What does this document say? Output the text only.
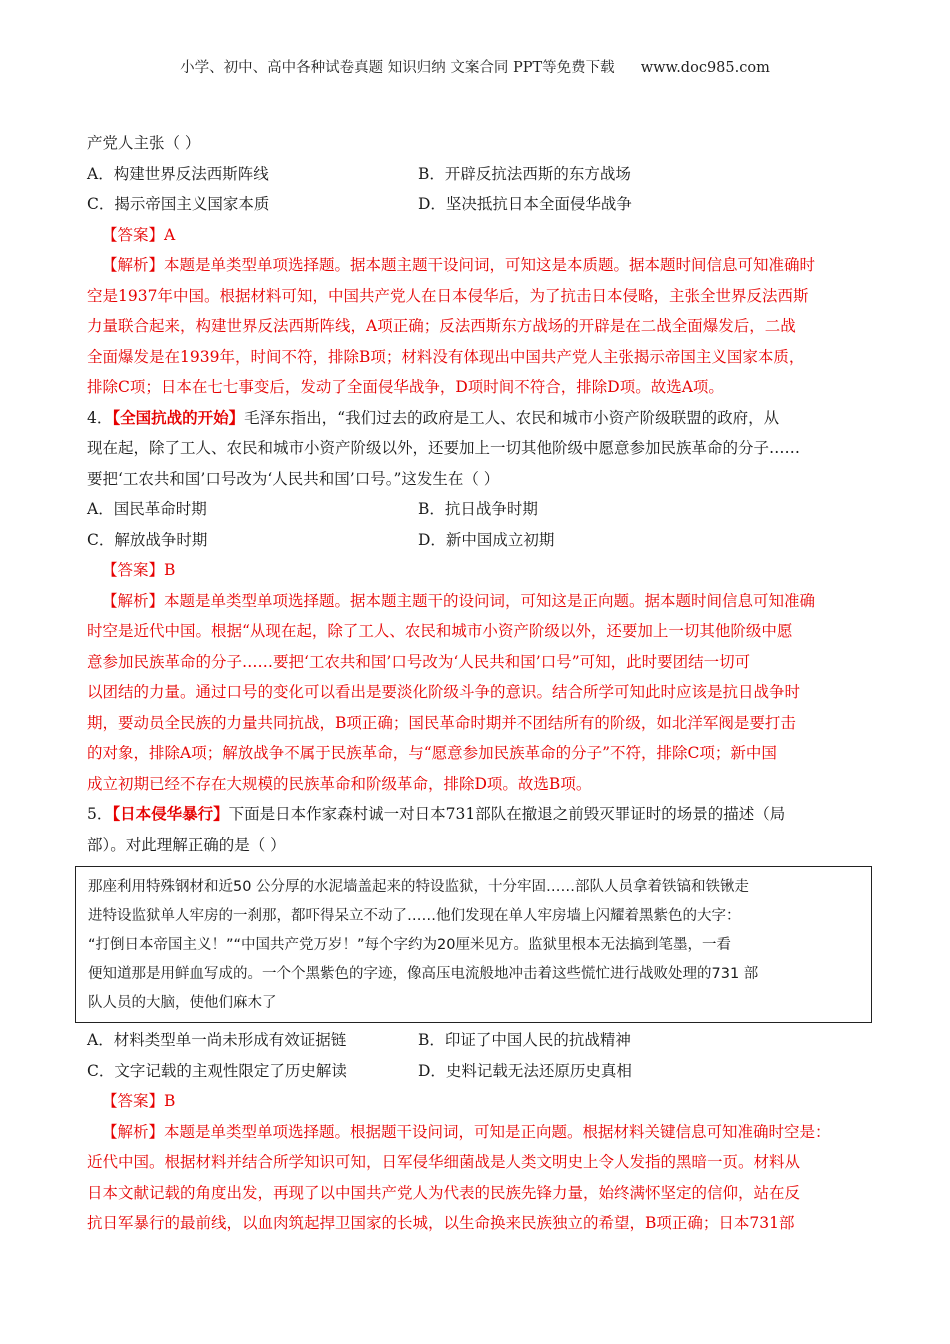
小学、初中、高中各种试卷真题 知识归纳 文案合同 PPT等免费下载 www.doc985.com
产党人主张（ ）
A．构建世界反法西斯阵线	B．开辟反抗法西斯的东方战场
C．揭示帝国主义国家本质	D．坚决抵抗日本全面侵华战争
【答案】A
【解析】本题是单类型单项选择题。据本题主题干设问词，可知这是本质题。据本题时间信息可知准确时
空是1937年中国。根据材料可知，中国共产党人在日本侵华后，为了抗击日本侵略，主张全世界反法西斯
力量联合起来，构建世界反法西斯阵线，A项正确；反法西斯东方战场的开辟是在二战全面爆发后，二战
全面爆发是在1939年，时间不符，排除B项；材料没有体现出中国共产党人主张揭示帝国主义国家本质，
排除C项；日本在七七事变后，发动了全面侵华战争，D项时间不符合，排除D项。故选A项。
4．【全国抗战的开始】毛泽东指出，“我们过去的政府是工人、农民和城市小资产阶级联盟的政府，从
现在起，除了工人、农民和城市小资产阶级以外，还要加上一切其他阶级中愿意参加民族革命的分子……
要把‘工农共和国’口号改为‘人民共和国’口号。”这发生在（ ）
A．国民革命时期	B．抗日战争时期
C．解放战争时期	D．新中国成立初期
【答案】B
【解析】本题是单类型单项选择题。据本题主题干的设问词，可知这是正向题。据本题时间信息可知准确
时空是近代中国。根据“从现在起，除了工人、农民和城市小资产阶级以外，还要加上一切其他阶级中愿
意参加民族革命的分子……要把‘工农共和国’口号改为‘人民共和国’口号”可知，此时要团结一切可
以团结的力量。通过口号的变化可以看出是要淡化阶级斗争的意识。结合所学可知此时应该是抗日战争时
期，要动员全民族的力量共同抗战，B项正确；国民革命时期并不团结所有的阶级，如北洋军阀是要打击
的对象，排除A项；解放战争不属于民族革命，与“愿意参加民族革命的分子”不符，排除C项；新中国
成立初期已经不存在大规模的民族革命和阶级革命，排除D项。故选B项。
5．【日本侵华暴行】下面是日本作家森村诚一对日本731部队在撤退之前毁灭罪证时的场景的描述（局
部）。对此理解正确的是（ ）
那座利用特殊钢材和近50 公分厚的水泥墙盖起来的特设监狱，十分牢固……部队人员拿着铁镐和铁锹走
进特设监狱单人牢房的一刹那，都吓得呆立不动了……他们发现在单人牢房墙上闪耀着黑紫色的大字：
“打倒日本帝国主义！”“中国共产党万岁！”每个字约为20厘米见方。监狱里根本无法搞到笔墨，一看
便知道那是用鲜血写成的。一个个黑紫色的字迹，像高压电流般地冲击着这些慌忙进行战败处理的731 部
队人员的大脑，使他们麻木了
A．材料类型单一尚未形成有效证据链	B．印证了中国人民的抗战精神
C．文字记载的主观性限定了历史解读	D．史料记载无法还原历史真相
【答案】B
【解析】本题是单类型单项选择题。根据题干设问词，可知是正向题。根据材料关键信息可知准确时空是：
近代中国。根据材料并结合所学知识可知，日军侵华细菌战是人类文明史上令人发指的黑暗一页。材料从
日本文献记载的角度出发，再现了以中国共产党人为代表的民族先锋力量，始终满怀坚定的信仰，站在反
抗日军暴行的最前线，以血肉筑起捍卫国家的长城，以生命换来民族独立的希望，B项正确；日本731部
